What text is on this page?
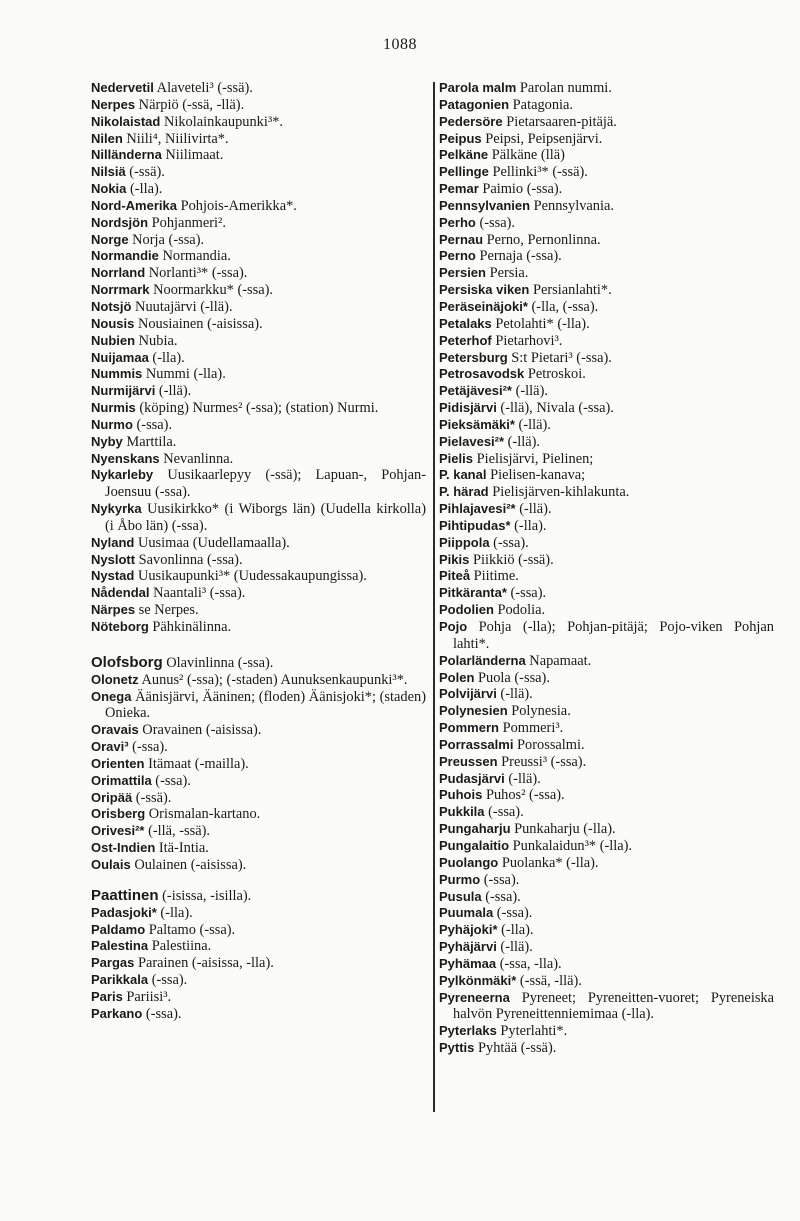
1088

Nedervetil Alaveteli³ (-ssä).

Nerpes Närpiö (-ssä, -llä).

Nikolaistad Nikolainkaupunki³*.

Nilen Niili⁴, Niilivirta*.

Nilländerna Niilimaat.

Nilsiä (-ssä).

Nokia (-lla).

Nord-Amerika Pohjois-Amerikka*.

Nordsjön Pohjanmeri².

Norge Norja (-ssa).

Normandie Normandia.

Norrland Norlanti³* (-ssa).

Norrmark Noormarkku* (-ssa).

Notsjö Nuutajärvi (-llä).

Nousis Nousiainen (-aisissa).

Nubien Nubia.

Nuijamaa (-lla).

Nummis Nummi (-lla).

Nurmijärvi (-llä).

Nurmis (köping) Nurmes² (-ssa); (station) Nurmi.

Nurmo (-ssa).

Nyby Marttila.

Nyenskans Nevanlinna.

Nykarleby Uusikaarlepyy (-ssä); Lapuan-, Pohjan-Joensuu (-ssa).

Nykyrka Uusikirkko* (i Wiborgs län) (Uudella kirkolla) (i Åbo län) (-ssa).

Nyland Uusimaa (Uudellamaalla).

Nyslott Savonlinna (-ssa).

Nystad Uusikaupunki³* (Uudessakaupungissa).

Nådendal Naantali³ (-ssa).

Närpes se Nerpes.

Nöteborg Pähkinälinna.

Olofsborg Olavinlinna (-ssa).

Olonetz Aunus² (-ssa); (-staden) Aunuksenkaupunki³*.

Onega Äänisjärvi, Ääninen; (floden) Äänisjoki*; (staden) Onieka.

Oravais Oravainen (-aisissa).

Oravi³ (-ssa).

Orienten Itämaat (-mailla).

Orimattila (-ssa).

Oripää (-ssä).

Orisberg Orismalan-kartano.

Orivesi²* (-llä, -ssä).

Ost-Indien Itä-Intia.

Oulais Oulainen (-aisissa).

Paattinen (-isissa, -isilla).

Padasjoki* (-lla).

Paldamo Paltamo (-ssa).

Palestina Palestiina.

Pargas Parainen (-aisissa, -lla).

Parikkala (-ssa).

Paris Pariisi³.

Parkano (-ssa).

Parola malm Parolan nummi.

Patagonien Patagonia.

Pedersöre Pietarsaaren-pitäjä.

Peipus Peipsi, Peipsenjärvi.

Pelkäne Pälkäne (llä)

Pellinge Pellinki³* (-ssä).

Pemar Paimio (-ssa).

Pennsylvanien Pennsylvania.

Perho (-ssa).

Pernau Perno, Pernonlinna.

Perno Pernaja (-ssa).

Persien Persia.

Persiska viken Persianlahti*.

Peräseinäjoki* (-lla, (-ssa).

Petalaks Petolahti* (-lla).

Peterhof Pietarhovi³.

Petersburg S:t Pietari³ (-ssa).

Petrosavodsk Petroskoi.

Petäjävesi²* (-llä).

Pidisjärvi (-llä), Nivala (-ssa).

Pieksämäki* (-llä).

Pielavesi²* (-llä).

Pielis Pielisjärvi, Pielinen;

P. kanal Pielisen-kanava;

P. härad Pielisjärven-kihlakunta.

Pihlajavesi²* (-llä).

Pihtipudas* (-lla).

Piippola (-ssa).

Pikis Piikkiö (-ssä).

Piteå Piitime.

Pitkäranta* (-ssa).

Podolien Podolia.

Pojo Pohja (-lla); Pohjan-pitäjä; Pojo-viken Pohjan lahti*.

Polarländerna Napamaat.

Polen Puola (-ssa).

Polvijärvi (-llä).

Polynesien Polynesia.

Pommern Pommeri³.

Porrassalmi Porossalmi.

Preussen Preussi³ (-ssa).

Pudasjärvi (-llä).

Puhois Puhos² (-ssa).

Pukkila (-ssa).

Pungaharju Punkaharju (-lla).

Pungalaitio Punkalaidun³* (-lla).

Puolango Puolanka* (-lla).

Purmo (-ssa).

Pusula (-ssa).

Puumala (-ssa).

Pyhäjoki* (-lla).

Pyhäjärvi (-llä).

Pyhämaa (-ssa, -lla).

Pylkönmäki* (-ssä, -llä).

Pyreneerna Pyreneet; Pyreneitten-vuoret; Pyreneiska halvön Pyreneittenniemimaa (-lla).

Pyterlaks Pyterlahti*.

Pyttis Pyhtää (-ssä).
